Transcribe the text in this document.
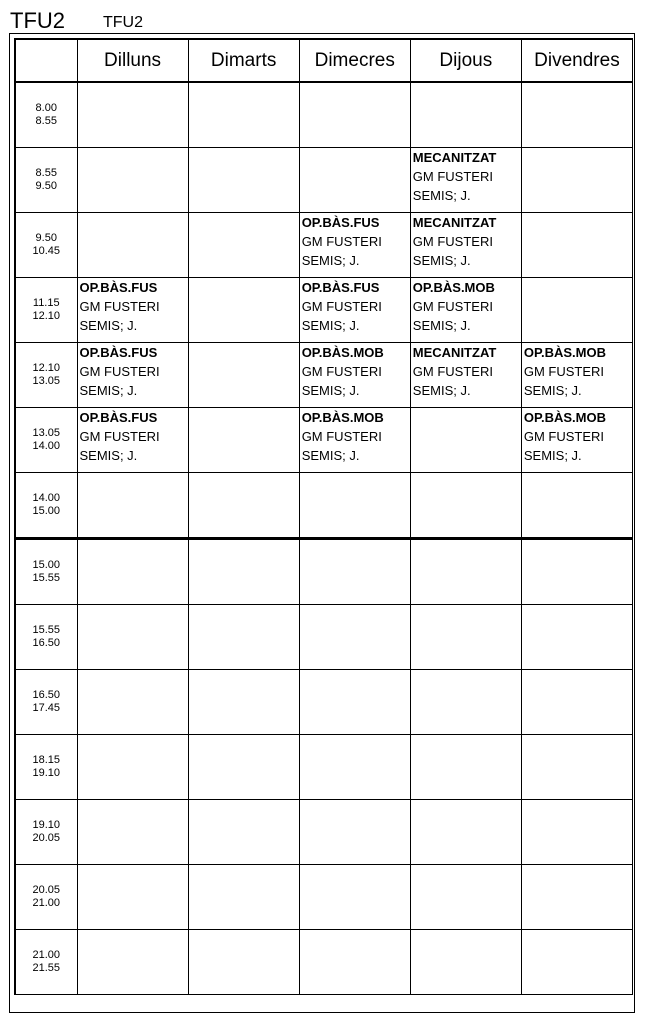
TFU2 TFU2
	Dilluns	Dimarts	Dimecres	Dijous	Divendres

8.00
8.55					

8.55
9.50				MECANITZAT
GM FUSTERI
SEMIS; J.	

9.50
10.45			OP.BÀS.FUS
GM FUSTERI
SEMIS; J.	MECANITZAT
GM FUSTERI
SEMIS; J.	

11.15
12.10	OP.BÀS.FUS
GM FUSTERI
SEMIS; J.		OP.BÀS.FUS
GM FUSTERI
SEMIS; J.	OP.BÀS.MOB
GM FUSTERI
SEMIS; J.	

12.10
13.05	OP.BÀS.FUS
GM FUSTERI
SEMIS; J.		OP.BÀS.MOB
GM FUSTERI
SEMIS; J.	MECANITZAT
GM FUSTERI
SEMIS; J.	OP.BÀS.MOB
GM FUSTERI
SEMIS; J.

13.05
14.00	OP.BÀS.FUS
GM FUSTERI
SEMIS; J.		OP.BÀS.MOB
GM FUSTERI
SEMIS; J.		OP.BÀS.MOB
GM FUSTERI
SEMIS; J.

14.00
15.00					

15.00
15.55					

15.55
16.50					

16.50
17.45					

18.15
19.10					

19.10
20.05					

20.05
21.00					

21.00
21.55					
